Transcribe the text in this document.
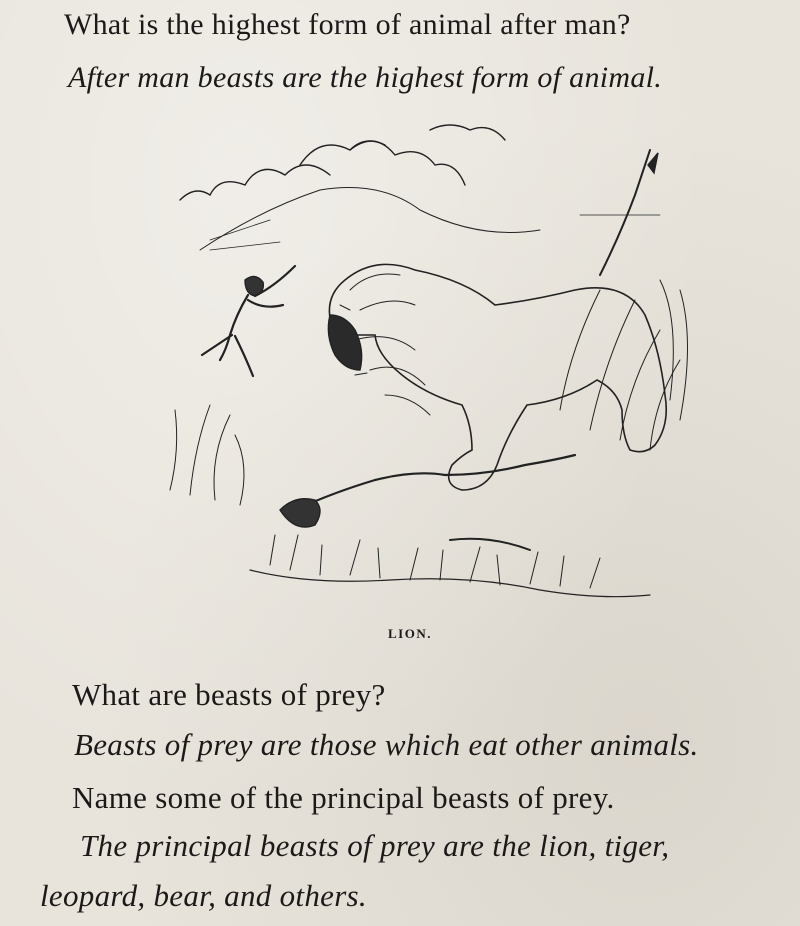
What is the highest form of animal after man?
After man beasts are the highest form of animal.
LION.
What are beasts of prey?
Beasts of prey are those which eat other animals.
Name some of the principal beasts of prey.
The principal beasts of prey are the lion, tiger,
leopard, bear, and others.
